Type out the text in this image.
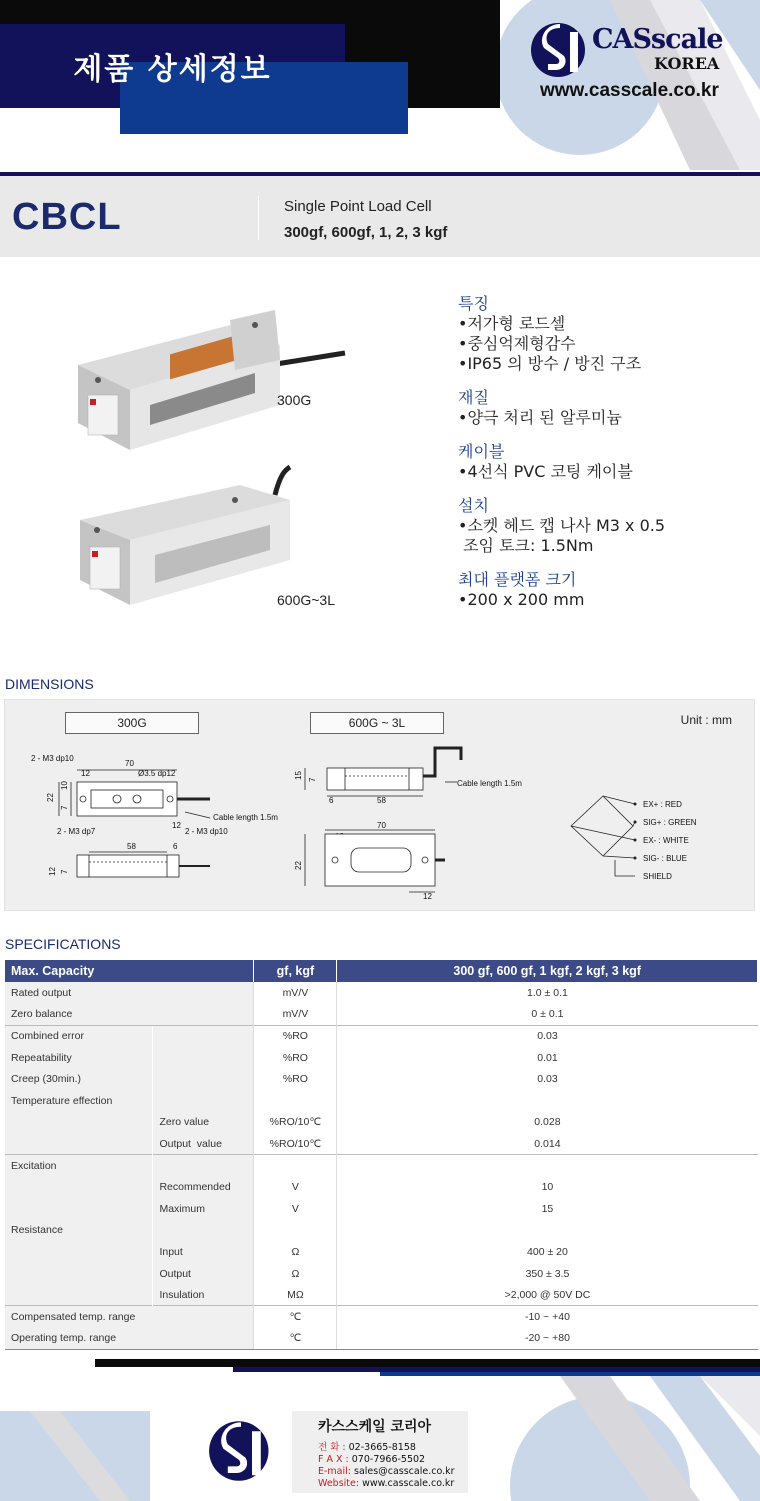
제품 상세정보
CASscale
KOREA
www.casscale.co.kr
CBCL	Single Point Load Cell
300gf, 600gf, 1, 2, 3 kgf
300G
600G~3L
특징
•저가형 로드셀
•중심억제형감수
•IP65 의 방수 / 방진 구조
재질
•양극 처리 된 알루미늄
케이블
•4선식 PVC 코팅 케이블
설치
•소켓 헤드 캡 나사 M3 x 0.5
조임 토크: 1.5Nm
최대 플랫폼 크기
•200 x 200 mm
DIMENSIONS
300G	600G ~ 3L	Unit : mm
2 - M3 dp10
70
Ø3.5 dp12
12
12
22
10
7
Cable length 1.5m
2 - M3 dp7	2 - M3 dp10
58	6
12 7
15 7
6	58
Cable length 1.5m
70
22
12
EX+ : RED
SIG+ : GREEN
EX- : WHITE
SIG- : BLUE
SHIELD
SPECIFICATIONS
Max. Capacity		gf, kgf	300 gf, 600 gf, 1 kgf, 2 kgf, 3 kgf
Rated output		mV/V	1.0 ± 0.1
Zero balance		mV/V	0 ± 0.1
Combined error		%RO	0.03
Repeatability		%RO	0.01
Creep (30min.)		%RO	0.03
Temperature effection			
	Zero value	%RO/10℃	0.028
	Output  value	%RO/10℃	0.014
Excitation			
	Recommended	V	10
	Maximum	V	15
Resistance			
	Input	Ω	400 ± 20
	Output	Ω	350 ± 3.5
	Insulation	MΩ	>2,000 @ 50V DC
Compensated temp. range		℃	-10 ~ +40
Operating temp. range		℃	-20 ~ +80
카스스케일 코리아
전 화 : 02-3665-8158
F A X : 070-7966-5502
E-mail: sales@casscale.co.kr
Website: www.casscale.co.kr
